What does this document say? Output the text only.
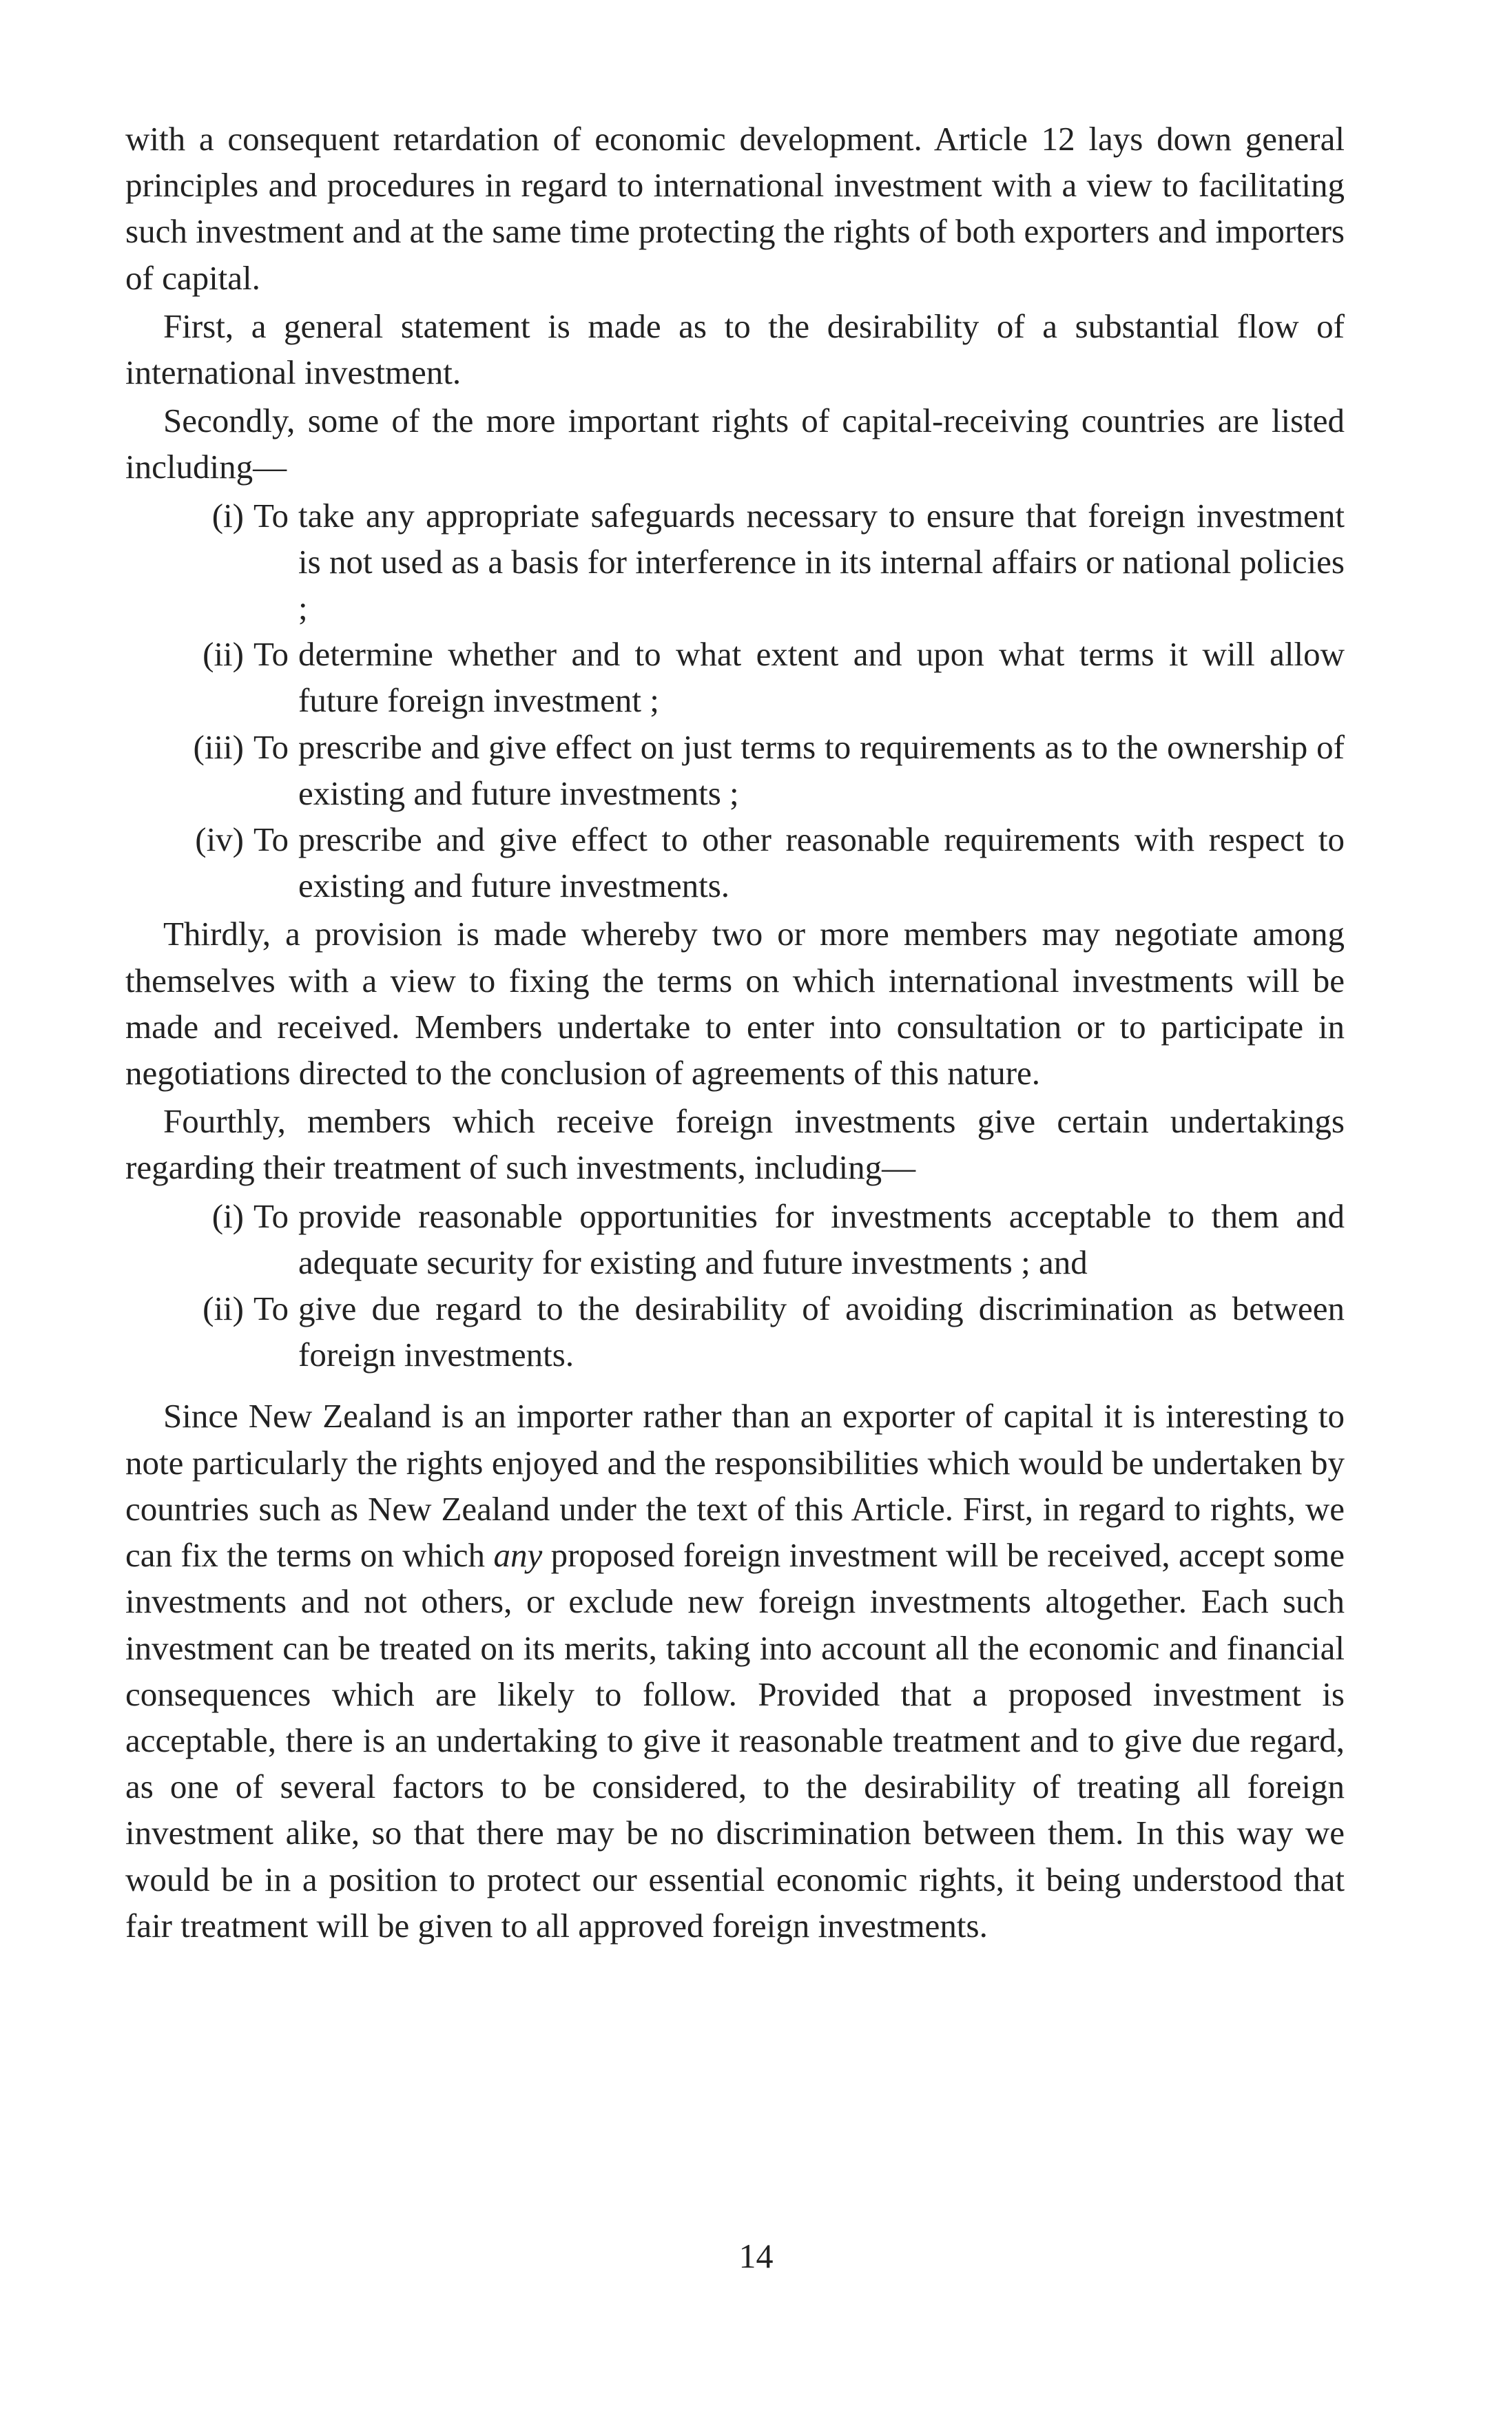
with a consequent retardation of economic development. Article 12 lays down general principles and procedures in regard to international investment with a view to facilitating such investment and at the same time protecting the rights of both exporters and importers of capital.

First, a general statement is made as to the desirability of a substantial flow of international investment.

Secondly, some of the more important rights of capital-receiving countries are listed including—

(i) To take any appropriate safeguards necessary to ensure that foreign investment is not used as a basis for interference in its internal affairs or national policies ;
(ii) To determine whether and to what extent and upon what terms it will allow future foreign investment ;
(iii) To prescribe and give effect on just terms to requirements as to the ownership of existing and future investments ;
(iv) To prescribe and give effect to other reasonable requirements with respect to existing and future investments.

Thirdly, a provision is made whereby two or more members may negotiate among themselves with a view to fixing the terms on which international investments will be made and received. Members undertake to enter into consultation or to participate in negotiations directed to the conclusion of agreements of this nature.

Fourthly, members which receive foreign investments give certain undertakings regarding their treatment of such investments, including—

(i) To provide reasonable opportunities for investments acceptable to them and adequate security for existing and future investments ; and
(ii) To give due regard to the desirability of avoiding discrimination as between foreign investments.

Since New Zealand is an importer rather than an exporter of capital it is interesting to note particularly the rights enjoyed and the responsibilities which would be undertaken by countries such as New Zealand under the text of this Article. First, in regard to rights, we can fix the terms on which any proposed foreign investment will be received, accept some investments and not others, or exclude new foreign investments altogether. Each such investment can be treated on its merits, taking into account all the economic and financial consequences which are likely to follow. Provided that a proposed investment is acceptable, there is an undertaking to give it reasonable treatment and to give due regard, as one of several factors to be considered, to the desirability of treating all foreign investment alike, so that there may be no discrimination between them. In this way we would be in a position to protect our essential economic rights, it being understood that fair treatment will be given to all approved foreign investments.

14
